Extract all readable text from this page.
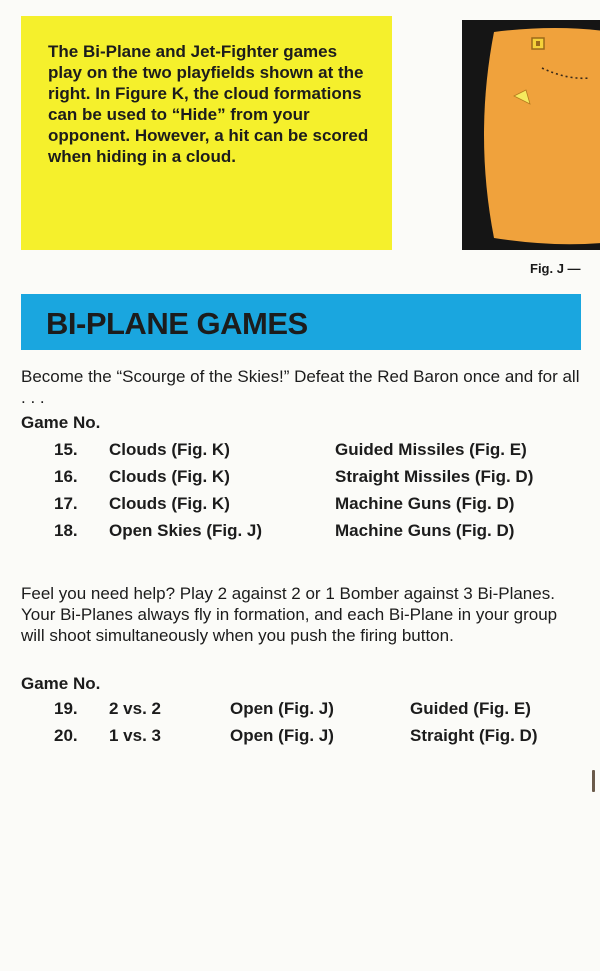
The Bi-Plane and Jet-Fighter games play on the two playfields shown at the right. In Figure K, the cloud formations can be used to “Hide” from your opponent. However, a hit can be scored when hiding in a cloud.

Fig. J —
BI-PLANE GAMES

Become the “Scourge of the Skies!” Defeat the Red Baron once and for all . . .

Game No.

15. Clouds (Fig. K)	Guided Missiles (Fig. E)
16. Clouds (Fig. K)	Straight Missiles (Fig. D)
17. Clouds (Fig. K)	Machine Guns (Fig. D)
18. Open Skies (Fig. J)	Machine Guns (Fig. D)

Feel you need help? Play 2 against 2 or 1 Bomber against 3 Bi-Planes. Your Bi-Planes always fly in formation, and each Bi-Plane in your group will shoot simultaneously when you push the firing button.

Game No.

19. 2 vs. 2	Open (Fig. J)	Guided (Fig. E)
20. 1 vs. 3	Open (Fig. J)	Straight (Fig. D)
